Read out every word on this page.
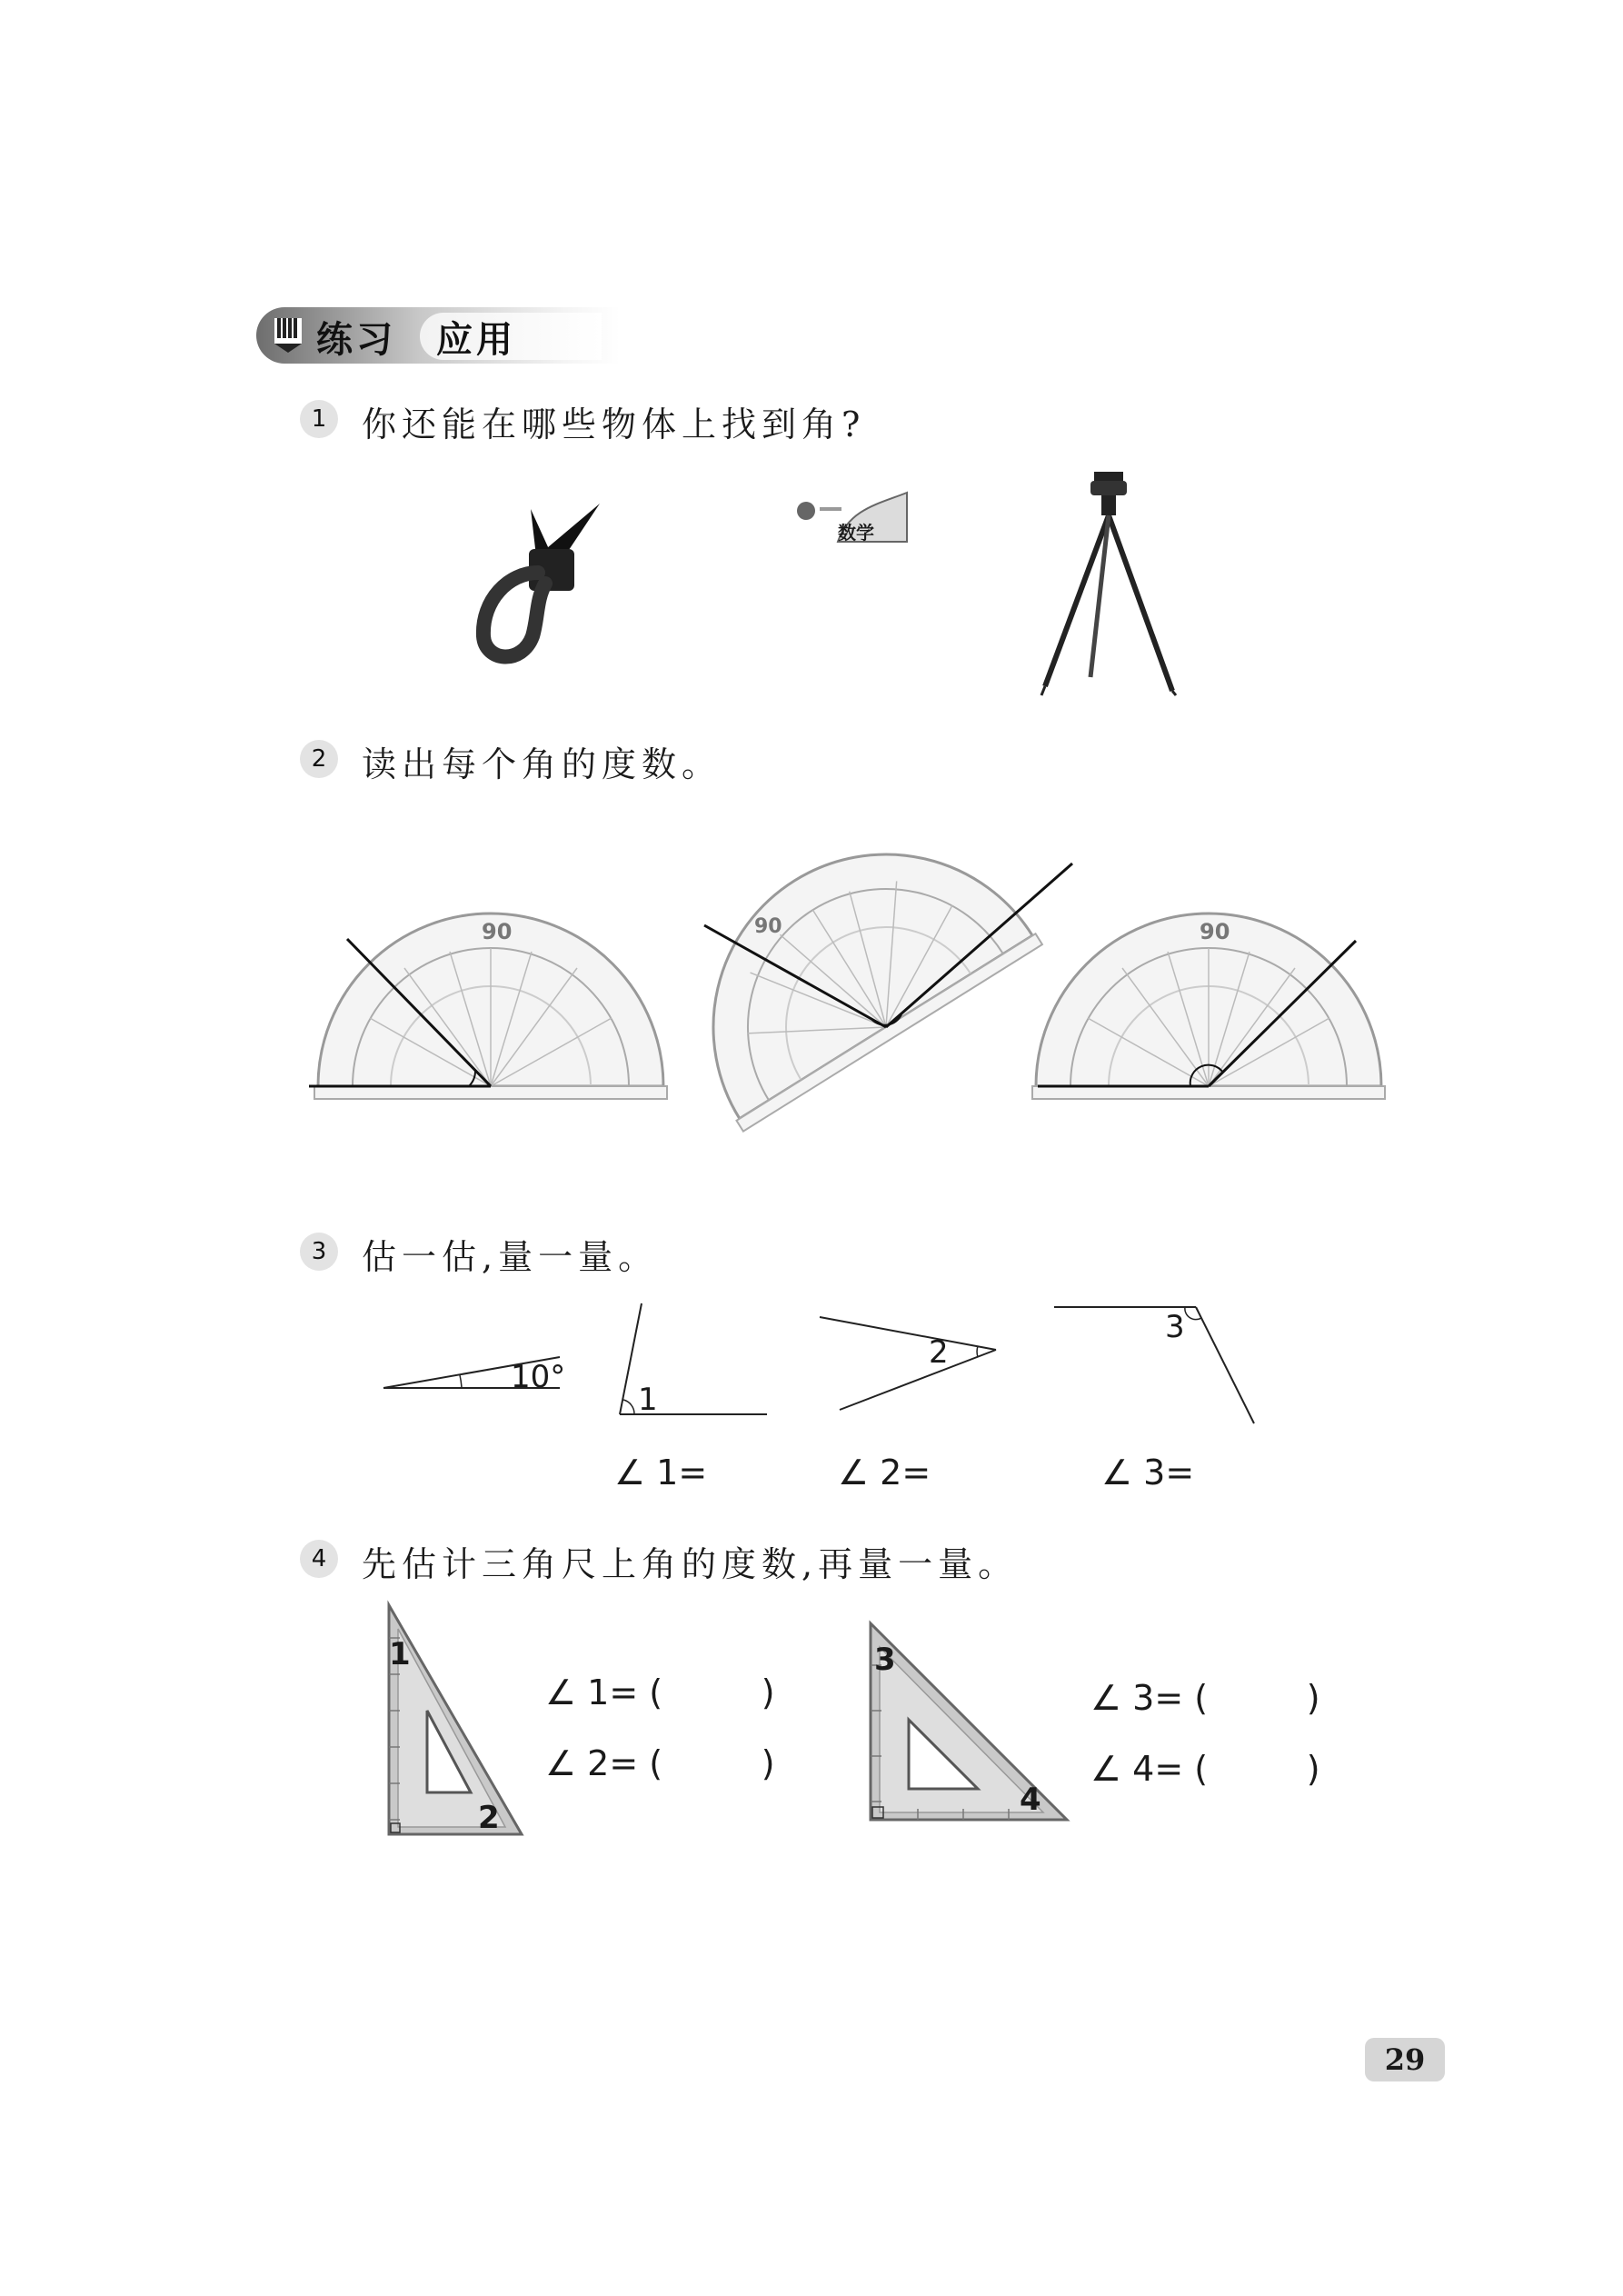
练习 应用
1	你还能在哪些物体上找到角?
数学
2	读出每个角的度数。
90	90	90
3	估一估,量一量。
10°
1
2
3
∠ 1=	∠ 2=	∠ 3=
4	先估计三角尺上角的度数,再量一量。
1
2
∠ 1= (         )
∠ 2= (         )
3
4
∠ 3= (         )
∠ 4= (         )
29
